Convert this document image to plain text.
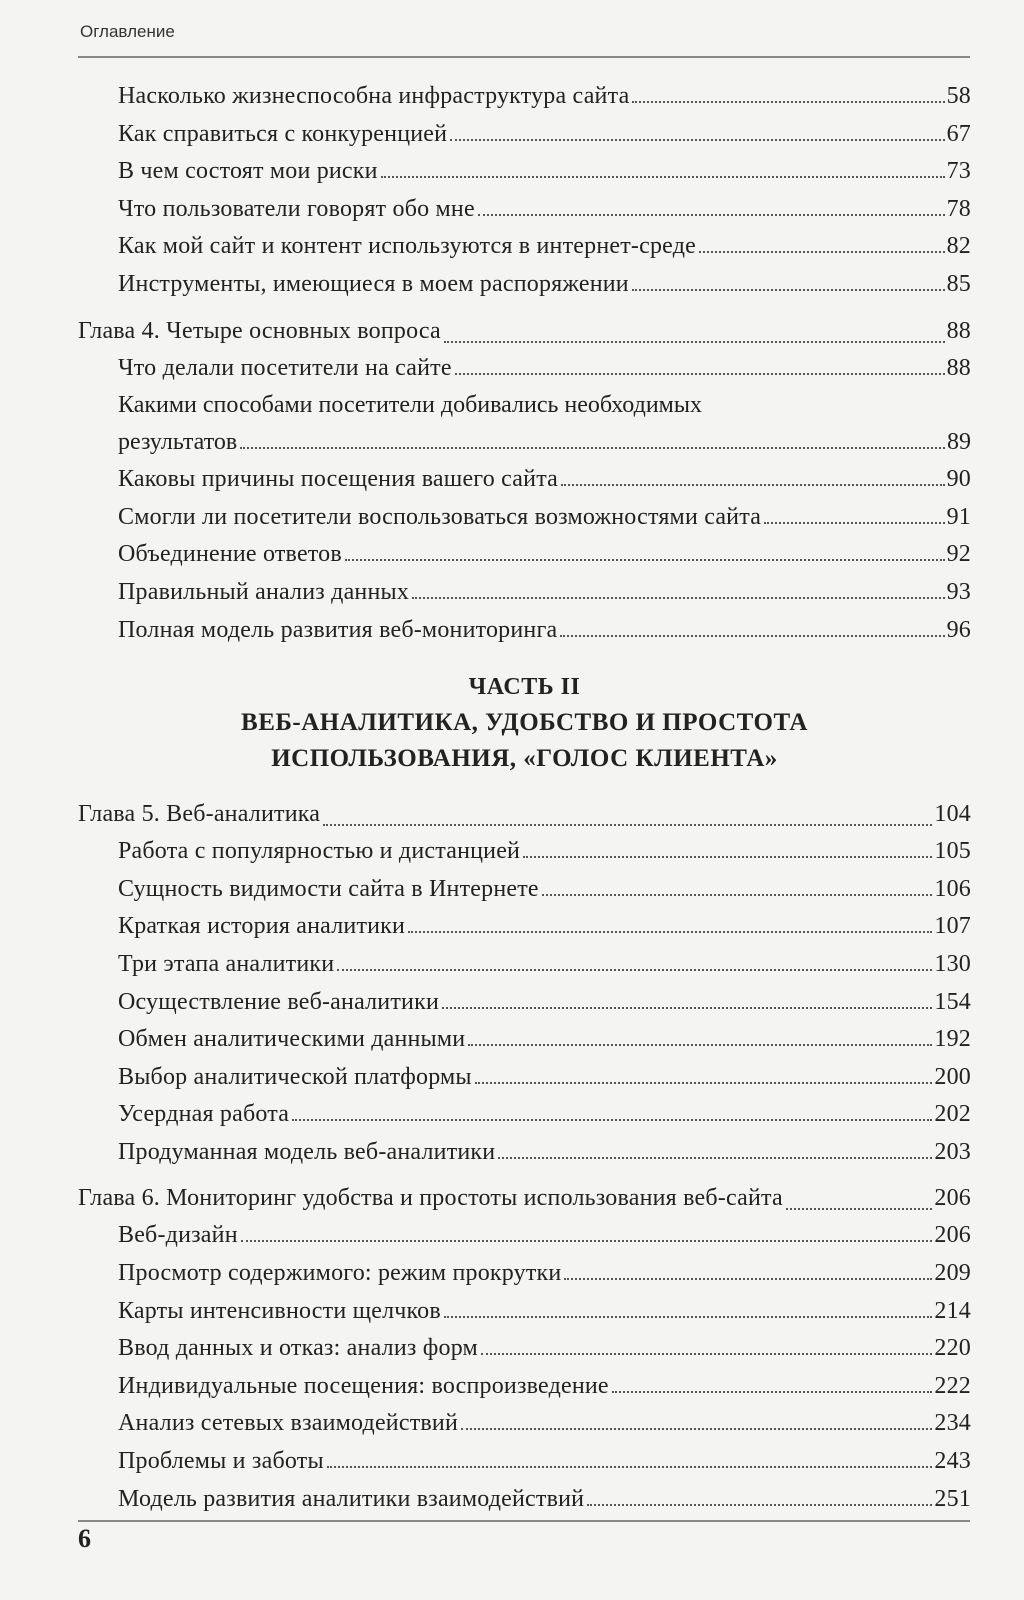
Оглавление
Насколько жизнеспособна инфраструктура сайта	58
Как справиться с конкуренцией	67
В чем состоят мои риски	73
Что пользователи говорят обо мне	78
Как мой сайт и контент используются в интернет-среде	82
Инструменты, имеющиеся в моем распоряжении	85
Глава 4. Четыре основных вопроса	88
Что делали посетители на сайте	88
Какими способами посетители добивались необходимых
результатов	89
Каковы причины посещения вашего сайта	90
Смогли ли посетители воспользоваться возможностями сайта	91
Объединение ответов	92
Правильный анализ данных	93
Полная модель развития веб-мониторинга	96
ЧАСТЬ II
ВЕБ-АНАЛИТИКА, УДОБСТВО И ПРОСТОТА
ИСПОЛЬЗОВАНИЯ, «ГОЛОС КЛИЕНТА»
Глава 5. Веб-аналитика	104
Работа с популярностью и дистанцией	105
Сущность видимости сайта в Интернете	106
Краткая история аналитики	107
Три этапа аналитики	130
Осуществление веб-аналитики	154
Обмен аналитическими данными	192
Выбор аналитической платформы	200
Усердная работа	202
Продуманная модель веб-аналитики	203
Глава 6. Мониторинг удобства и простоты использования веб-сайта	206
Веб-дизайн	206
Просмотр содержимого: режим прокрутки	209
Карты интенсивности щелчков	214
Ввод данных и отказ: анализ форм	220
Индивидуальные посещения: воспроизведение	222
Анализ сетевых взаимодействий	234
Проблемы и заботы	243
Модель развития аналитики взаимодействий	251
6
